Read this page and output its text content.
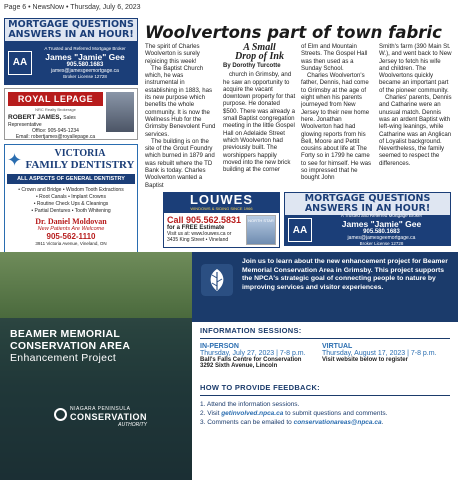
Page 6 • NewsNow • Thursday, July 6, 2023
MORTGAGE QUESTIONS
ANSWERS IN AN HOUR!
AA
A Trusted and Referred Mortgage Broker
James "Jamie" Gee
905.580.1683
james@jamesgeemortgage.ca
Broker License 12728
ROYAL LEPAGE
NRC Realty Brokerage
ROBERT JAMES, Sales Representative
Office: 905-945-1234
Email: robertjames@royallepage.ca
✦	VICTORIA
FAMILY DENTISTRY
ALL ASPECTS OF GENERAL DENTISTRY
• Crown and Bridge • Wisdom Tooth Extractions
• Root Canals • Implant Crowns
• Routine Check Ups & Cleanings
• Partial Dentures • Tooth Whitening
Dr. Daniel Moldovan
New Patients Are Welcome
905-562-1110
3911 Victoria Avenue, Vineland, ON
Woolvertons part of town fabric

The spirit of Charles Woolverton is surely rejoicing this week!

The Baptist Church which, he was instrumental in establishing in 1883, has its new purpose which benefits the whole community. It is now the Wellness Hub for the Grimsby Benevolent Fund services.

The building is on the site of the Grout Foundry which burned in 1879 and was rebuilt where the TD Bank is today. Charles Woolverton wanted a Baptist

A Small
Drop of Ink
By Dorothy Turcotte

church in Grimsby, and he saw an opportunity to acquire the vacant downtown property for that purpose. He donated $500. There was already a small Baptist congregation meeting in the little Gospel Hall on Adelaide Street which Woolverton had previously built. The worshippers happily moved into the new brick building at the corner

of Elm and Mountain Streets. The Gospel Hall was then used as a Sunday School.

Charles Woolverton's father, Dennis, had come to Grimsby at the age of eight when his parents journeyed from New Jersey to their new home here. Jonathan Woolverton had had glowing reports from his Bell, Moore and Pettit cousins about life at The Forty so in 1799 he came to see for himself. He was so impressed that he bought John

Smith's farm (390 Main St. W.), and went back to New Jersey to fetch his wife and children. The Woolvertons quickly became an important part of the pioneer community.

Charles' parents, Dennis and Catharine were an unusual match. Dennis was an ardent Baptist with left-wing leanings, while Catharine was an Anglican of Loyalist background. Nevertheless, the family seemed to respect the differences.

LOUWES
WINDOWS & SIDING SINCE 1966
Call 905.562.5831
for a FREE Estimate
Visit us at: www.louwes.ca or
3435 King Street • Vineland
NORTH STAR
MORTGAGE QUESTIONS
ANSWERS IN AN HOUR!
AA
A Trusted and Referred Mortgage Broker
James "Jamie" Gee
905.580.1683
james@jamesgeemortgage.ca
Broker License 12728
BEAMER MEMORIAL
CONSERVATION AREA
Enhancement Project
NIAGARA PENINSULA
CONSERVATION
AUTHORITY
Join us to learn about the new enhancement project for Beamer Memorial Conservation Area in Grimsby. This project supports the NPCA's strategic goal of connecting people to nature by improving services and visitor experiences.
INFORMATION SESSIONS:
IN-PERSON
Thursday, July 27, 2023 | 7-8 p.m.
Ball's Falls Centre for Conservation
3292 Sixth Avenue, Lincoln
VIRTUAL
Thursday, August 17, 2023 | 7-8 p.m.
Visit website below to register
HOW TO PROVIDE FEEDBACK:
1. Attend the information sessions.
2. Visit getinvolved.npca.ca to submit questions and comments.
3. Comments can be emailed to conservationareas@npca.ca.
